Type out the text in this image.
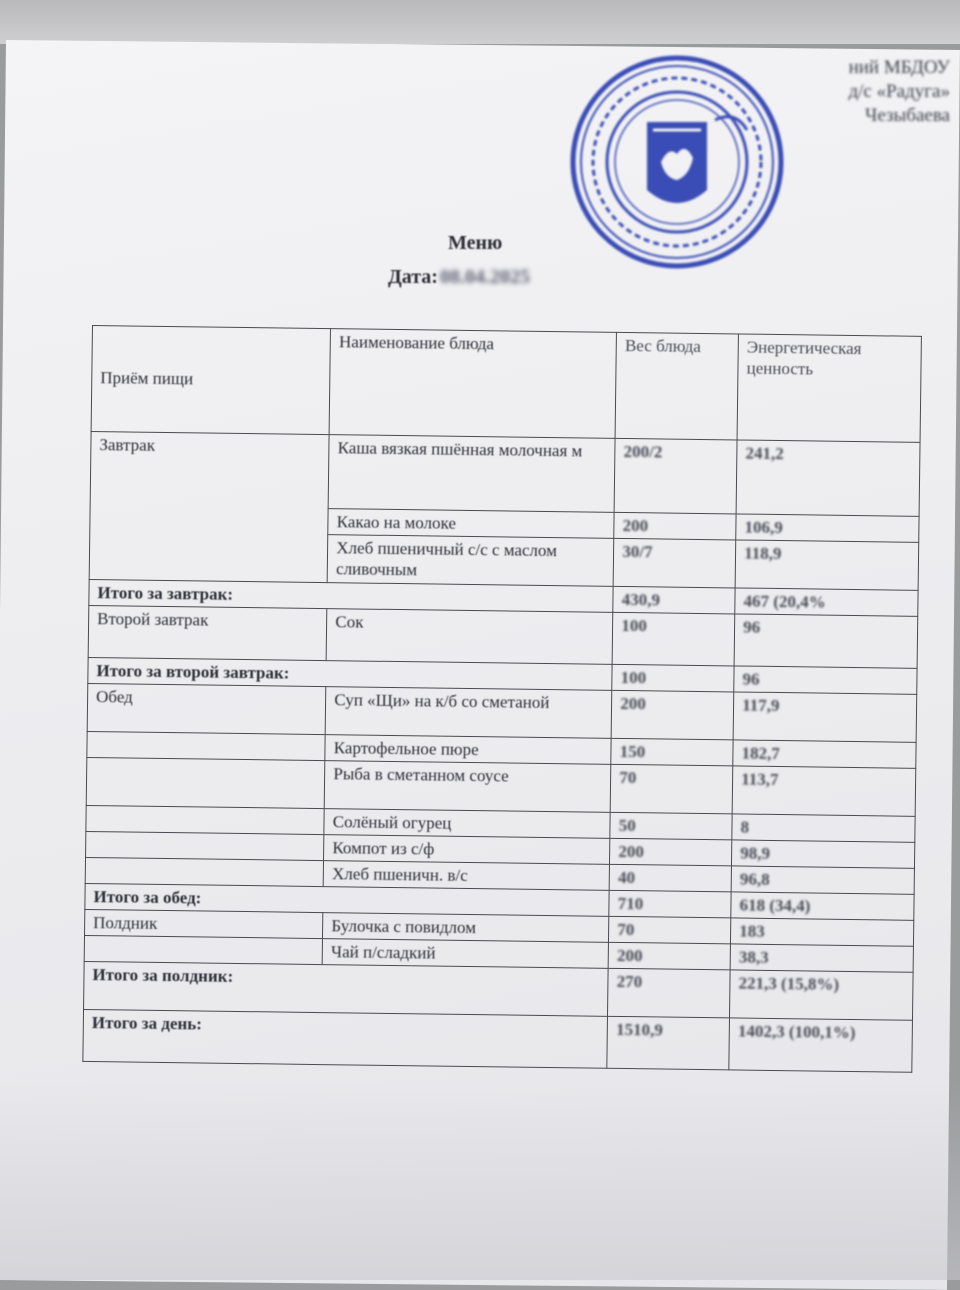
ний МБДОУ
д/с «Радуга»
Чезыбаева
Меню
Дата: 08.04.2025
Приём пищи	Наименование блюда	Вес блюда	Энергетическая ценность
Завтрак	Каша вязкая пшённая молочная м	200/2	241,2
	Какао на молоке	200	106,9
	Хлеб пшеничный с/с с маслом сливочным	30/7	118,9
Итого за завтрак:		430,9	467 (20,4%
Второй завтрак	Сок	100	96
Итого за второй завтрак:		100	96
Обед	Суп «Щи» на к/б со сметаной	200	117,9
	Картофельное пюре	150	182,7
	Рыба в сметанном соусе	70	113,7
	Солёный огурец	50	8
	Компот из с/ф	200	98,9
	Хлеб пшеничн. в/с	40	96,8
Итого за обед:		710	618 (34,4)
Полдник	Булочка с повидлом	70	183
	Чай п/сладкий	200	38,3
Итого за полдник:		270	221,3 (15,8%)
Итого за день:		1510,9	1402,3 (100,1%)
